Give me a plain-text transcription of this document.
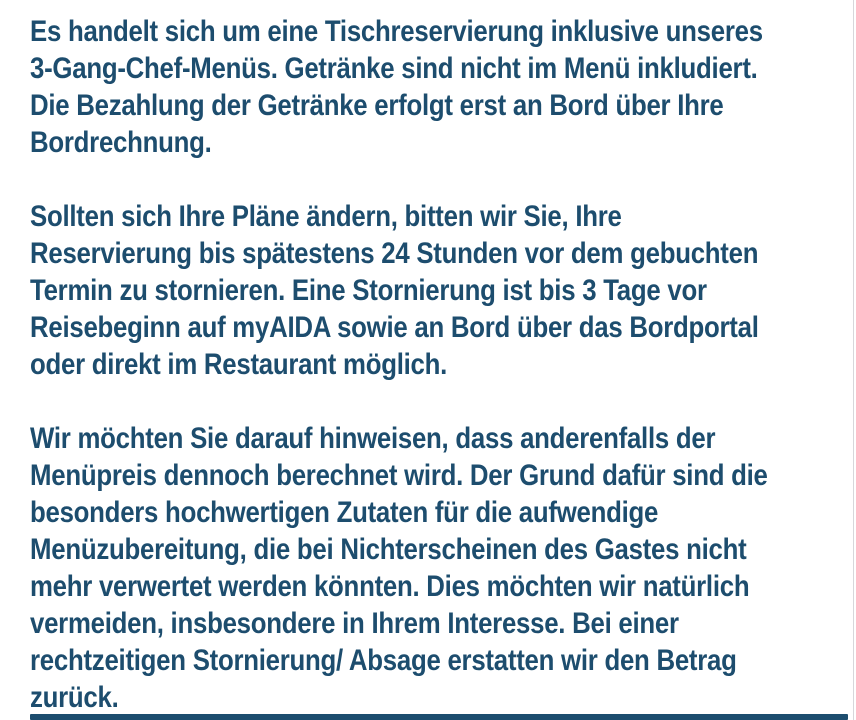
Es handelt sich um eine Tischreservierung inklusive unseres
3-Gang-Chef-Menüs. Getränke sind nicht im Menü inkludiert.
Die Bezahlung der Getränke erfolgt erst an Bord über Ihre
Bordrechnung.

Sollten sich Ihre Pläne ändern, bitten wir Sie, Ihre
Reservierung bis spätestens 24 Stunden vor dem gebuchten
Termin zu stornieren. Eine Stornierung ist bis 3 Tage vor
Reisebeginn auf myAIDA sowie an Bord über das Bordportal
oder direkt im Restaurant möglich.

Wir möchten Sie darauf hinweisen, dass anderenfalls der
Menüpreis dennoch berechnet wird. Der Grund dafür sind die
besonders hochwertigen Zutaten für die aufwendige
Menüzubereitung, die bei Nichterscheinen des Gastes nicht
mehr verwertet werden könnten. Dies möchten wir natürlich
vermeiden, insbesondere in Ihrem Interesse. Bei einer
rechtzeitigen Stornierung/ Absage erstatten wir den Betrag
zurück.
